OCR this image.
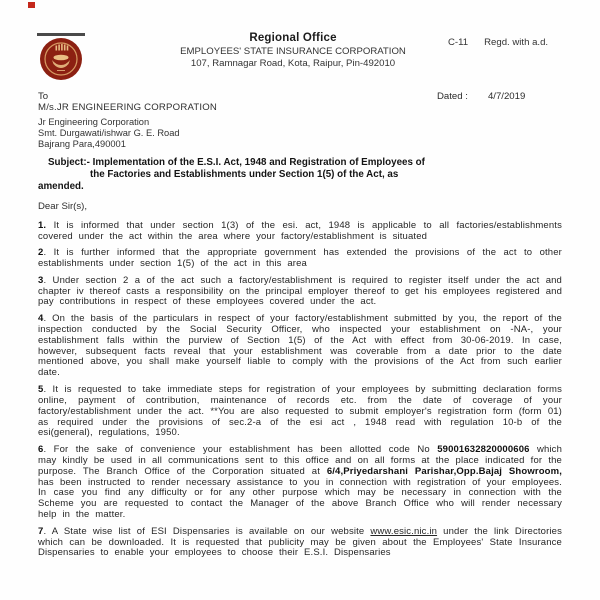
Regional Office
EMPLOYEES' STATE INSURANCE CORPORATION
107, Ramnagar Road, Kota, Raipur, Pin-492010
C-11 Regd. with a.d.
To	Dated : 4/7/2019
M/s.JR ENGINEERING CORPORATION
Jr Engineering Corporation
Smt. Durgawati/ishwar G. E. Road
Bajrang Para,490001
Subject:- Implementation of the E.S.I. Act, 1948 and Registration of Employees of
the Factories and Establishments under Section 1(5) of the Act, as
amended.
Dear Sir(s),

1. It is informed that under section 1(3) of the esi. act, 1948 is applicable to all factories/establishments covered under the act within the area where your factory/establishment is situated

2. It is further informed that the appropriate government has extended the provisions of the act to other establishments under section 1(5) of the act in this area

3. Under section 2 a of the act such a factory/establishment is required to register itself under the act and chapter iv thereof casts a responsibility on the principal employer thereof to get his employees registered and pay contributions in respect of these employees covered under the act.

4. On the basis of the particulars in respect of your factory/establishment submitted by you, the report of the inspection conducted by the Social Security Officer, who inspected your establishment on -NA-, your establishment falls within the purview of Section 1(5) of the Act with effect from 30-06-2019. In case, however, subsequent facts reveal that your establishment was coverable from a date prior to the date mentioned above, you shall make yourself liable to comply with the provisions of the Act from such earlier date.

5. It is requested to take immediate steps for registration of your employees by submitting declaration forms online, payment of contribution, maintenance of records etc. from the date of coverage of your factory/establishment under the act. **You are also requested to submit employer's registration form (form 01) as required under the provisions of sec.2-a of the esi act , 1948 read with regulation 10-b of the esi(general), regulations, 1950.

6. For the sake of convenience your establishment has been allotted code No 59001632820000606 which may kindly be used in all communications sent to this office and on all forms at the place indicated for the purpose. The Branch Office of the Corporation situated at 6/4,Priyedarshani Parishar,Opp.Bajaj Showroom, has been instructed to render necessary assistance to you in connection with registration of your employees. In case you find any difficulty or for any other purpose which may be necessary in connection with the Scheme you are requested to contact the Manager of the above Branch Office who will render necessary help in the matter.

7. A State wise list of ESI Dispensaries is available on our website www.esic.nic.in under the link Directories which can be downloaded. It is requested that publicity may be given about the Employees' State Insurance Dispensaries to enable your employees to choose their E.S.I. Dispensaries
